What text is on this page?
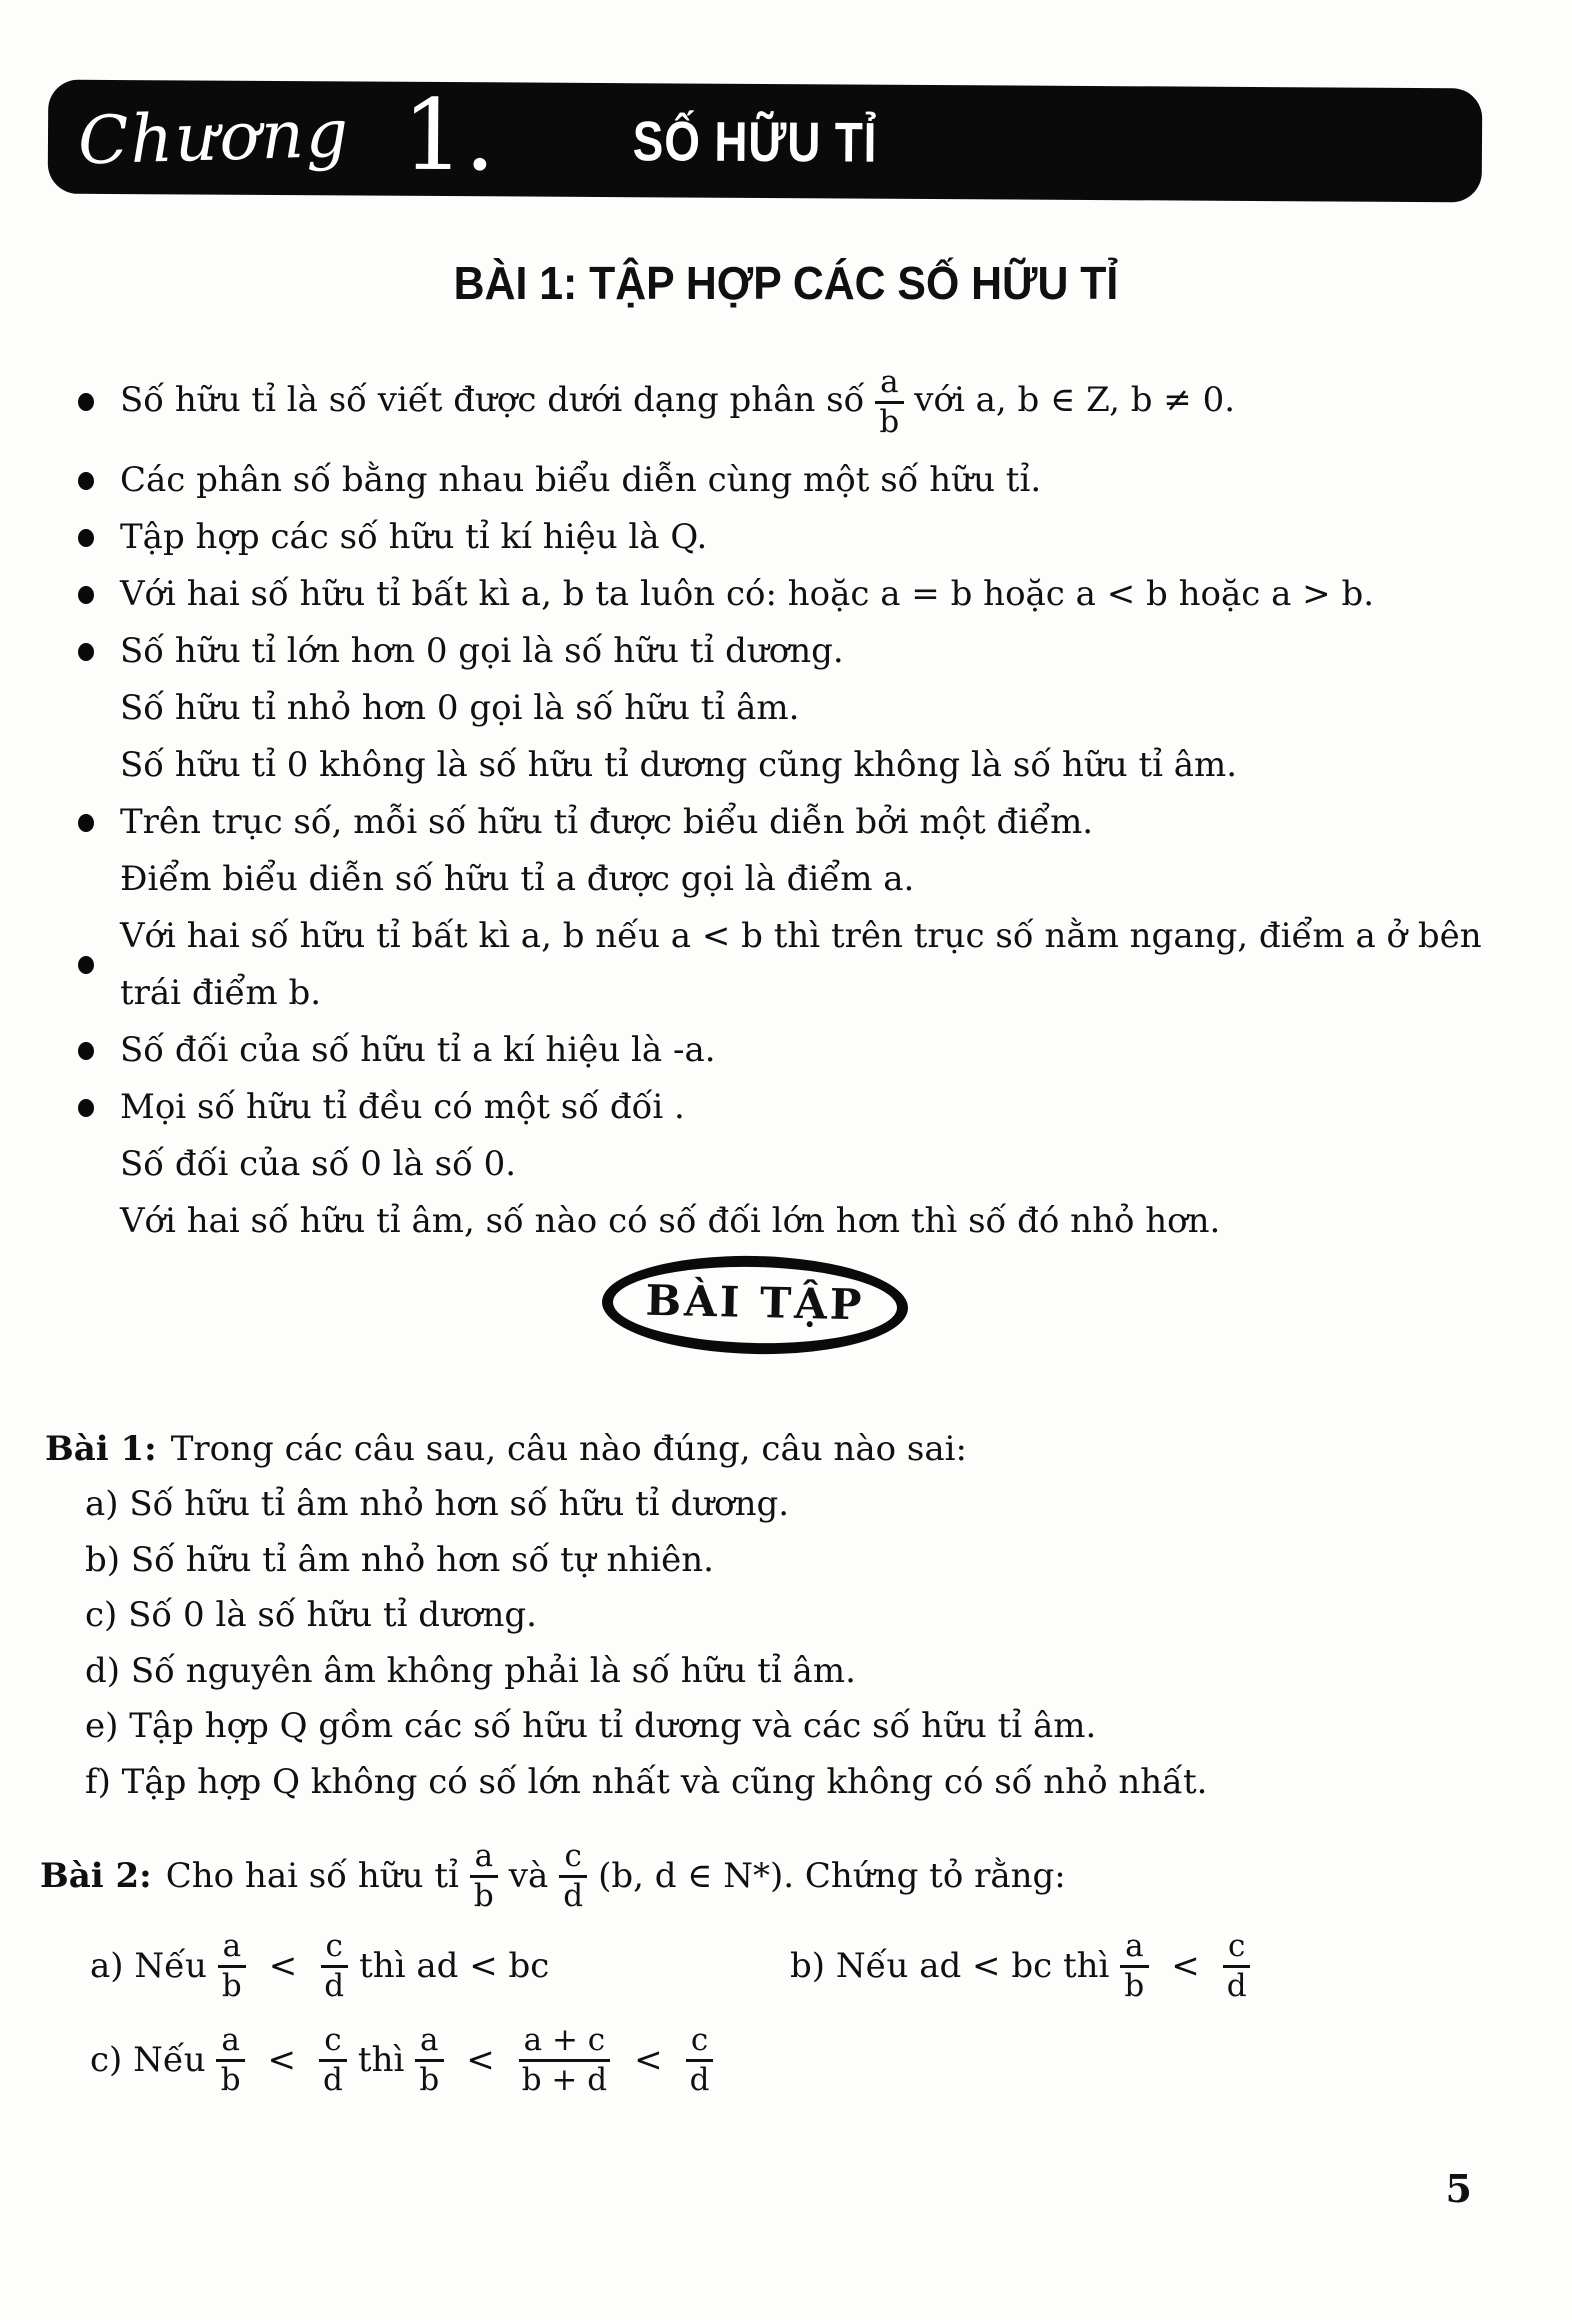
Chương 1.	SỐ HỮU TỈ
BÀI 1: TẬP HỢP CÁC SỐ HỮU TỈ
Số hữu tỉ là số viết được dưới dạng phân số $\frac{a}{b}$ với a, b ∈ Z, b ≠ 0.
Các phân số bằng nhau biểu diễn cùng một số hữu tỉ.
Tập hợp các số hữu tỉ kí hiệu là Q.
Với hai số hữu tỉ bất kì a, b ta luôn có: hoặc a = b hoặc a < b hoặc a > b.
Số hữu tỉ lớn hơn 0 gọi là số hữu tỉ dương.
Số hữu tỉ nhỏ hơn 0 gọi là số hữu tỉ âm.
Số hữu tỉ 0 không là số hữu tỉ dương cũng không là số hữu tỉ âm.
Trên trục số, mỗi số hữu tỉ được biểu diễn bởi một điểm.
Điểm biểu diễn số hữu tỉ a được gọi là điểm a.
Với hai số hữu tỉ bất kì a, b nếu a < b thì trên trục số nằm ngang, điểm a ở bên trái điểm b.
Số đối của số hữu tỉ a kí hiệu là -a.
Mọi số hữu tỉ đều có một số đối .
Số đối của số 0 là số 0.
Với hai số hữu tỉ âm, số nào có số đối lớn hơn thì số đó nhỏ hơn.
BÀI TẬP

Bài 1: Trong các câu sau, câu nào đúng, câu nào sai:

a) Số hữu tỉ âm nhỏ hơn số hữu tỉ dương.

b) Số hữu tỉ âm nhỏ hơn số tự nhiên.

c) Số 0 là số hữu tỉ dương.

d) Số nguyên âm không phải là số hữu tỉ âm.

e) Tập hợp Q gồm các số hữu tỉ dương và các số hữu tỉ âm.

f) Tập hợp Q không có số lớn nhất và cũng không có số nhỏ nhất.

Bài 2: Cho hai số hữu tỉ $\frac{a}{b}$ và $\frac{c}{d} (b$, d ∈ N*). Chứng tỏ rằng:

a) Nếu $\frac{a}{b} < \frac{c}{d}$ thì ad < bc	b) Nếu ad < bc thì $\frac{a}{b} < \frac{c}{d}$
c) Nếu $\frac{a}{b} < \frac{c}{d}$ thì $\frac{a}{b} < \frac{a + c}{b + d} < \frac{c}{d}$
5
